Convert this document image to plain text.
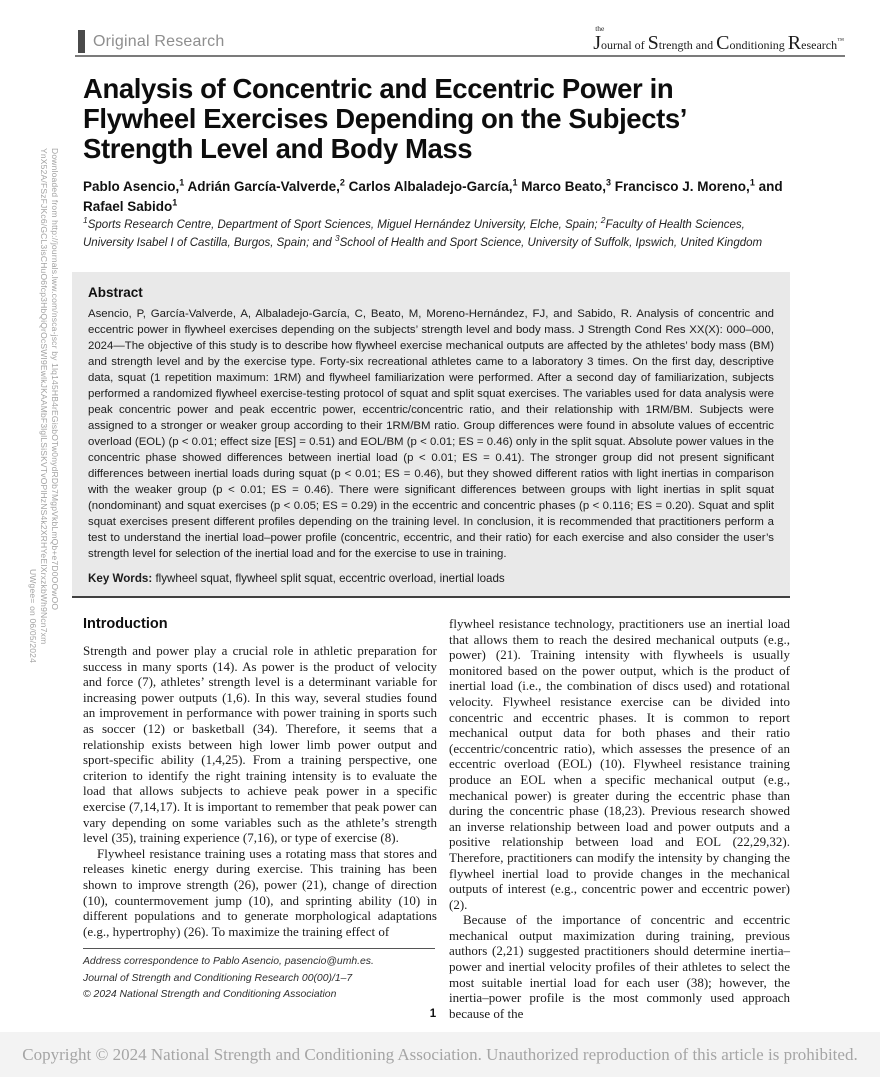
Downloaded from http://journals.lww.com/nsca-jscr by 1lq145HB4rEGisbOTw0nydRDb7MgpVkbLmQb+e7D0OOwOO
YnX52A/FSzFJKc6/GCL3isCHuO6fcp3HbQiQrOcSWI9EwlkJKAAMbF3lglLSiSKVTvOPlHzNS4k2XRHYeEIXrxzkbWh9Ncn7xm
UWgee= on 06/05/2024
Original Research
the
Journal of Strength and Conditioning Research™
Analysis of Concentric and Eccentric Power in Flywheel Exercises Depending on the Subjects’ Strength Level and Body Mass
Pablo Asencio,$^1$ Adrián García-Valverde,$^2$ Carlos Albaladejo-García,$^1$ Marco Beato,$^3$ Francisco J. Moreno,$^1$ and Rafael Sabido$^1$
$^1$Sports Research Centre, Department of Sport Sciences, Miguel Hernández University, Elche, Spain; $^2$Faculty of Health Sciences, University Isabel I of Castilla, Burgos, Spain; and $^3$School of Health and Sport Science, University of Suffolk, Ipswich, United Kingdom
Abstract

Asencio, P, García-Valverde, A, Albaladejo-García, C, Beato, M, Moreno-Hernández, FJ, and Sabido, R. Analysis of concentric and eccentric power in flywheel exercises depending on the subjects’ strength level and body mass. J Strength Cond Res XX(X): 000–000, 2024—The objective of this study is to describe how flywheel exercise mechanical outputs are affected by the athletes’ body mass (BM) and strength level and by the exercise type. Forty-six recreational athletes came to a laboratory 3 times. On the first day, descriptive data, squat (1 repetition maximum: 1RM) and flywheel familiarization were performed. After a second day of familiarization, subjects performed a randomized flywheel exercise-testing protocol of squat and split squat exercises. The variables used for data analysis were peak concentric power and peak eccentric power, eccentric/concentric ratio, and their relationship with 1RM/BM. Subjects were assigned to a stronger or weaker group according to their 1RM/BM ratio. Group differences were found in absolute values of eccentric overload (EOL) (p < 0.01; effect size [ES] = 0.51) and EOL/BM (p < 0.01; ES = 0.46) only in the split squat. Absolute power values in the concentric phase showed differences between inertial load (p < 0.01; ES = 0.41). The stronger group did not present significant differences between inertial loads during squat (p < 0.01; ES = 0.46), but they showed different ratios with light inertias in comparison with the weaker group (p < 0.01; ES = 0.46). There were significant differences between groups with light inertias in split squat (nondominant) and squat exercises (p < 0.05; ES = 0.29) in the eccentric and concentric phases (p < 0.116; ES = 0.20). Squat and split squat exercises present different profiles depending on the training level. In conclusion, it is recommended that practitioners perform a test to understand the inertial load–power profile (concentric, eccentric, and their ratio) for each exercise and also consider the user’s strength level for selection of the inertial load and for the exercise to use in training.

Key Words: flywheel squat, flywheel split squat, eccentric overload, inertial loads

Introduction

Strength and power play a crucial role in athletic preparation for success in many sports (14). As power is the product of velocity and force (7), athletes’ strength level is a determinant variable for increasing power outputs (1,6). In this way, several studies found an improvement in performance with power training in sports such as soccer (12) or basketball (34). Therefore, it seems that a relationship exists between high lower limb power output and sport-specific ability (1,4,25). From a training perspective, one criterion to identify the right training intensity is to evaluate the load that allows subjects to achieve peak power in a specific exercise (7,14,17). It is important to remember that peak power can vary depending on some variables such as the athlete’s strength level (35), training experience (7,16), or type of exercise (8).

Flywheel resistance training uses a rotating mass that stores and releases kinetic energy during exercise. This training has been shown to improve strength (26), power (21), change of direction (10), countermovement jump (10), and sprinting ability (10) in different populations and to generate morphological adaptations (e.g., hypertrophy) (26). To maximize the training effect of

flywheel resistance technology, practitioners use an inertial load that allows them to reach the desired mechanical outputs (e.g., power) (21). Training intensity with flywheels is usually monitored based on the power output, which is the product of inertial load (i.e., the combination of discs used) and rotational velocity. Flywheel resistance exercise can be divided into concentric and eccentric phases. It is common to report mechanical output data for both phases and their ratio (eccentric/concentric ratio), which assesses the presence of an eccentric overload (EOL) (10). Flywheel resistance training produce an EOL when a specific mechanical output (e.g., mechanical power) is greater during the eccentric phase than during the concentric phase (18,23). Previous research showed an inverse relationship between load and power outputs and a positive relationship between load and EOL (22,29,32). Therefore, practitioners can modify the intensity by changing the flywheel inertial load to provide changes in the mechanical outputs of interest (e.g., concentric power and eccentric power) (2).

Because of the importance of concentric and eccentric mechanical output maximization during training, previous authors (2,21) suggested practitioners should determine inertia–power and inertial velocity profiles of their athletes to select the most suitable inertial load for each user (38); however, the inertia–power profile is the most commonly used approach because of the

Address correspondence to Pablo Asencio, pasencio@umh.es.
Journal of Strength and Conditioning Research 00(00)/1–7
© 2024 National Strength and Conditioning Association
1
Copyright © 2024 National Strength and Conditioning Association. Unauthorized reproduction of this article is prohibited.
